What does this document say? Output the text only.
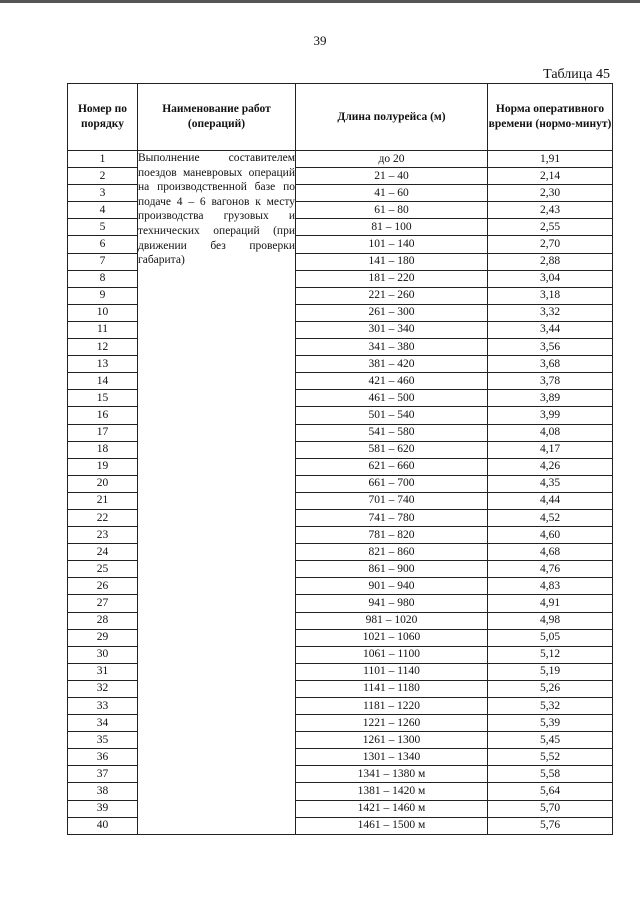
39
Таблица 45
Номер по порядку	Наименование работ (операций)	Длина полурейса (м)	Норма оперативного времени (нормо-минут)
1	Выполнение составителем поездов маневровых операций на производственной базе по подаче 4 – 6 вагонов к месту производства грузовых и технических операций (при движении без проверки габарита)	до 20	1,91
2		21 – 40	2,14
3		41 – 60	2,30
4		61 – 80	2,43
5		81 – 100	2,55
6		101 – 140	2,70
7		141 – 180	2,88
8		181 – 220	3,04
9		221 – 260	3,18
10		261 – 300	3,32
11		301 – 340	3,44
12		341 – 380	3,56
13		381 – 420	3,68
14		421 – 460	3,78
15		461 – 500	3,89
16		501 – 540	3,99
17		541 – 580	4,08
18		581 – 620	4,17
19		621 – 660	4,26
20		661 – 700	4,35
21		701 – 740	4,44
22		741 – 780	4,52
23		781 – 820	4,60
24		821 – 860	4,68
25		861 – 900	4,76
26		901 – 940	4,83
27		941 – 980	4,91
28		981 – 1020	4,98
29		1021 – 1060	5,05
30		1061 – 1100	5,12
31		1101 – 1140	5,19
32		1141 – 1180	5,26
33		1181 – 1220	5,32
34		1221 – 1260	5,39
35		1261 – 1300	5,45
36		1301 – 1340	5,52
37		1341 – 1380 м	5,58
38		1381 – 1420 м	5,64
39		1421 – 1460 м	5,70
40		1461 – 1500 м	5,76
